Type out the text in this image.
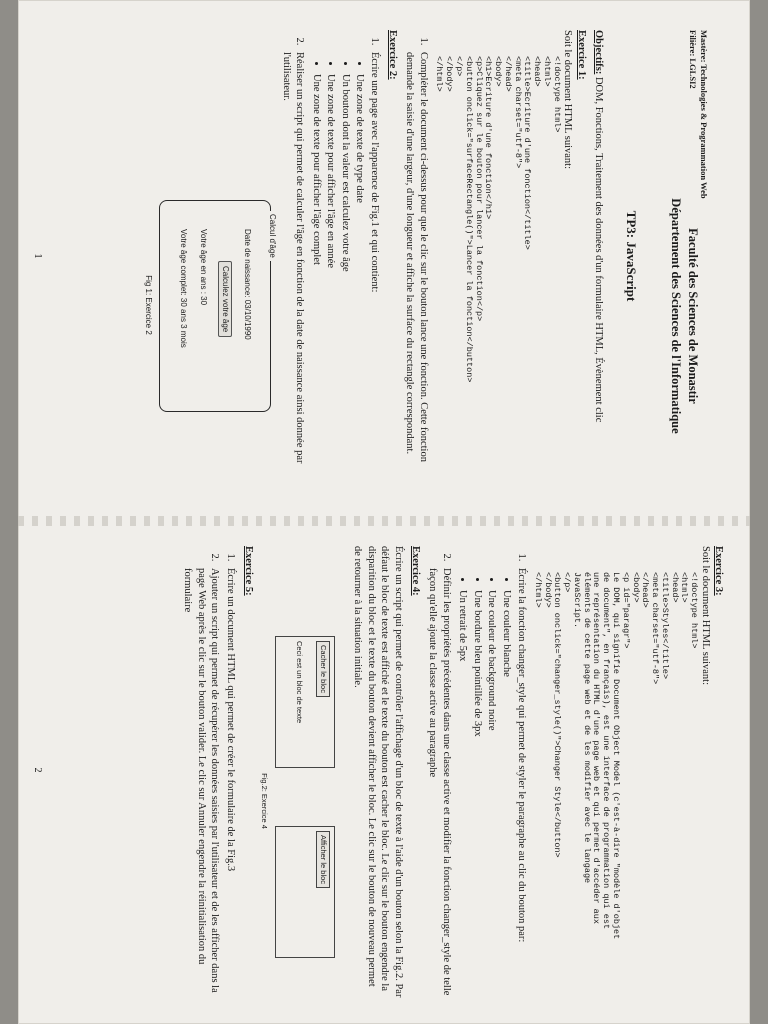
Mastère: Technologies & Programmation Web
Filière: LGLSI2
Faculté des Sciences de Monastir
Département des Sciences de l'Informatique
TP3: JavaScript
Objectifs: DOM, Fonctions, Traitement des données d'un formulaire HTML, Évènement clic
Exercice 1:
Soit le document HTML suivant:
<!doctype html>
<html>
<head>
<title>Ecriture d'une fonction</title>
<meta charset="utf-8">
</head>
<body>
<h1>Ecriture d'une fonction</h1>
<p>Cliquez sur le bouton pour lancer la fonction</p>
<button onclick="surfaceRectangle()">Lancer la fonction</button>
</p>
</body>
</html>
1. Compléter le document ci-dessus pour que le clic sur le bouton lance une fonction. Cette fonction demande la saisie d'une largeur, d'une longueur et affiche la surface du rectangle correspondant.
Exercice 2:
1. Écrire une page avec l'apparence de Fig.1 et qui contient:
• Une zone de texte de type date
• Un bouton dont la valeur est calculez votre âge
• Une zone de texte pour afficher l'âge en année
• Une zone de texte pour afficher l'âge complet
2. Réaliser un script qui permet de calculer l'âge en fonction de la date de naissance ainsi donnée par l'utilisateur.
Calcul d'âge
Date de naissance: 03/10/1990
Calculez votre âge
Votre âge en ans : 30
Votre âge complet: 30 ans 3 mois
Fig 1: Exercice 2
1
Exercice 3:
Soit le document HTML suivant:
<!doctype html>
<html>
<head>
<title>Styles</title>
<meta charset="utf-8">
</head>
<body>
<p id="paragr">
Le DOM, qui signifie Document Object Model (c'est-à-dire "modèle d'objet
de document", en français), est une interface de programmation qui est
une représentation du HTML d'une page web et qui permet d'accéder aux
éléments de cette page web et de les modifier avec le langage
JavaScript.
</p>
<button onclick="changer_style()">Changer Style</button>
</body>
</html>
1. Écrire la fonction changer_style qui permet de styler le paragraphe au clic du bouton par:
• Une couleur blanche
• Une couleur de background noire
• Une bordure bleu pointillée de 3px
• Un retrait de 5px
2. Définir les propriétés précédentes dans une classe active et modifier la fonction changer_style de telle façon qu'elle ajoute la classe active au paragraphe
Exercice 4:
Écrire un script qui permet de contrôler l'affichage d'un bloc de texte à l'aide d'un bouton selon la Fig.2. Par défaut le bloc de texte est affiché et le texte du bouton est cacher le bloc. Le clic sur le bouton engendre la disparition du bloc et le texte du bouton devient afficher le bloc. Le clic sur le bouton de nouveau permet de retourner à la situation initiale.
Cacher le bloc
Ceci est un bloc de texte
Afficher le bloc
Fig.2: Exercice 4
Exercice 5:
1. Écrire un document HTML qui permet de créer le formulaire de la Fig.3
2. Ajouter un script qui permet de récupérer les données saisies par l'utilisateur et de les afficher dans la page Web après le clic sur le bouton valider. Le clic sur Annuler engendre la réinitialisation du formulaire
2
